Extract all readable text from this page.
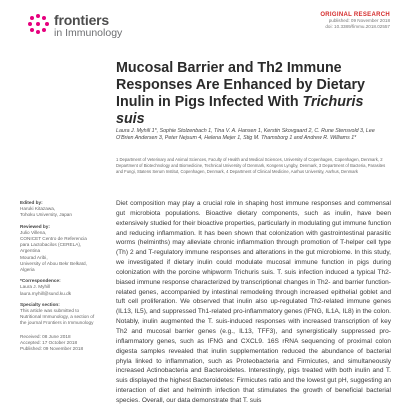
frontiers
in Immunology
ORIGINAL RESEARCH
published: 09 November 2018
doi: 10.3389/fimmu.2018.02557
Mucosal Barrier and Th2 Immune Responses Are Enhanced by Dietary Inulin in Pigs Infected With Trichuris suis
Laura J. Myhill 1*, Sophie Stolzenbach 1, Tina V. A. Hansen 1, Kerstin Skovgaard 2, C. Rune Stensvold 3, Lee O'Brien Andersen 3, Peter Nejsum 4, Helena Mejer 1, Stig M. Thamsborg 1 and Andrew R. Williams 1*
1 Department of Veterinary and Animal Sciences, Faculty of Health and Medical Sciences, University of Copenhagen, Copenhagen, Denmark, 2 Department of Biotechnology and Biomedicine, Technical University of Denmark, Kongens Lyngby, Denmark, 3 Department of Bacteria, Parasites and Fungi, Statens Serum Institut, Copenhagen, Denmark, 4 Department of Clinical Medicine, Aarhus University, Aarhus, Denmark
Edited by:
Haruki Kitazawa,
Tohoku University, Japan
Reviewed by:
Julio Villena,
CONICET Centro de Referencia para Lactobacilos (CERELA), Argentina
Mourad Aribi,
University of Abou Bekr Belkaïd, Algeria
*Correspondence:
Laura J. Myhill
laura.myhill@sund.ku.dk
Specialty section:
This article was submitted to Nutritional Immunology, a section of the journal Frontiers in Immunology
Received: 08 June 2018
Accepted: 17 October 2018
Published: 09 November 2018
Diet composition may play a crucial role in shaping host immune responses and commensal gut microbiota populations. Bioactive dietary components, such as inulin, have been extensively studied for their bioactive properties, particularly in modulating gut immune function and reducing inflammation. It has been shown that colonization with gastrointestinal parasitic worms (helminths) may alleviate chronic inflammation through promotion of T-helper cell type (Th) 2 and T-regulatory immune responses and alterations in the gut microbiome. In this study, we investigated if dietary inulin could modulate mucosal immune function in pigs during colonization with the porcine whipworm Trichuris suis. T. suis infection induced a typical Th2-biased immune response characterized by transcriptional changes in Th2- and barrier function-related genes, accompanied by intestinal remodeling through increased epithelial goblet and tuft cell proliferation. We observed that inulin also up-regulated Th2-related immune genes (IL13, IL5), and suppressed Th1-related pro-inflammatory genes (IFNG, IL1A, IL8) in the colon. Notably, inulin augmented the T. suis-induced responses with increased transcription of key Th2 and mucosal barrier genes (e.g., IL13, TFF3), and synergistically suppressed pro-inflammatory genes, such as IFNG and CXCL9. 16S rRNA sequencing of proximal colon digesta samples revealed that inulin supplementation reduced the abundance of bacterial phyla linked to inflammation, such as Proteobacteria and Firmicutes, and simultaneously increased Actinobacteria and Bacteroidetes. Interestingly, pigs treated with both inulin and T. suis displayed the highest Bacteroidetes: Firmicutes ratio and the lowest gut pH, suggesting an interaction of diet and helminth infection that stimulates the growth of beneficial bacterial species. Overall, our data demonstrate that T. suis
